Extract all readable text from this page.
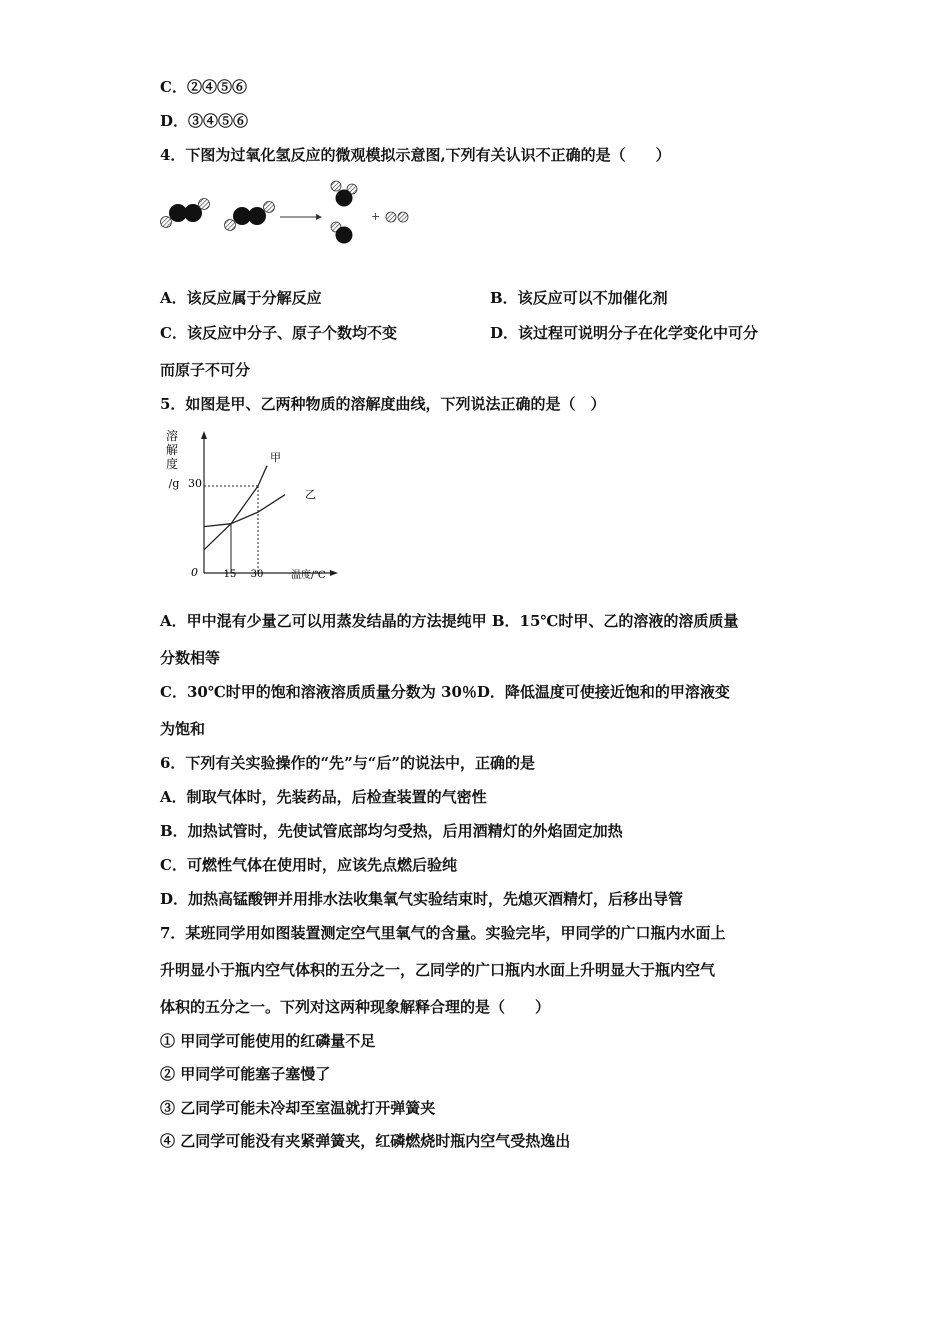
C．②④⑤⑥
D．③④⑤⑥
4．下图为过氧化氢反应的微观模拟示意图,下列有关认识不正确的是（　　）
+
A．该反应属于分解反应	B．该反应可以不加催化剂
C．该反应中分子、原子个数均不变	D．该过程可说明分子在化学变化中可分
而原子不可分
5．如图是甲、乙两种物质的溶解度曲线，下列说法正确的是（　）
溶
解
度
/g 30
0	15 30	温度/℃
甲
乙
A．甲中混有少量乙可以用蒸发结晶的方法提纯甲 B．15℃时甲、乙的溶液的溶质质量
分数相等
C．30℃时甲的饱和溶液溶质质量分数为 30％D．降低温度可使接近饱和的甲溶液变
为饱和
6．下列有关实验操作的“先”与“后”的说法中，正确的是
A．制取气体时，先装药品，后检查装置的气密性
B．加热试管时，先使试管底部均匀受热，后用酒精灯的外焰固定加热
C．可燃性气体在使用时，应该先点燃后验纯
D．加热高锰酸钾并用排水法收集氧气实验结束时，先熄灭酒精灯，后移出导管
7．某班同学用如图装置测定空气里氧气的含量。实验完毕，甲同学的广口瓶内水面上
升明显小于瓶内空气体积的五分之一，乙同学的广口瓶内水面上升明显大于瓶内空气
体积的五分之一。下列对这两种现象解释合理的是（　　）
① 甲同学可能使用的红磷量不足
② 甲同学可能塞子塞慢了
③ 乙同学可能未冷却至室温就打开弹簧夹
④ 乙同学可能没有夹紧弹簧夹，红磷燃烧时瓶内空气受热逸出
